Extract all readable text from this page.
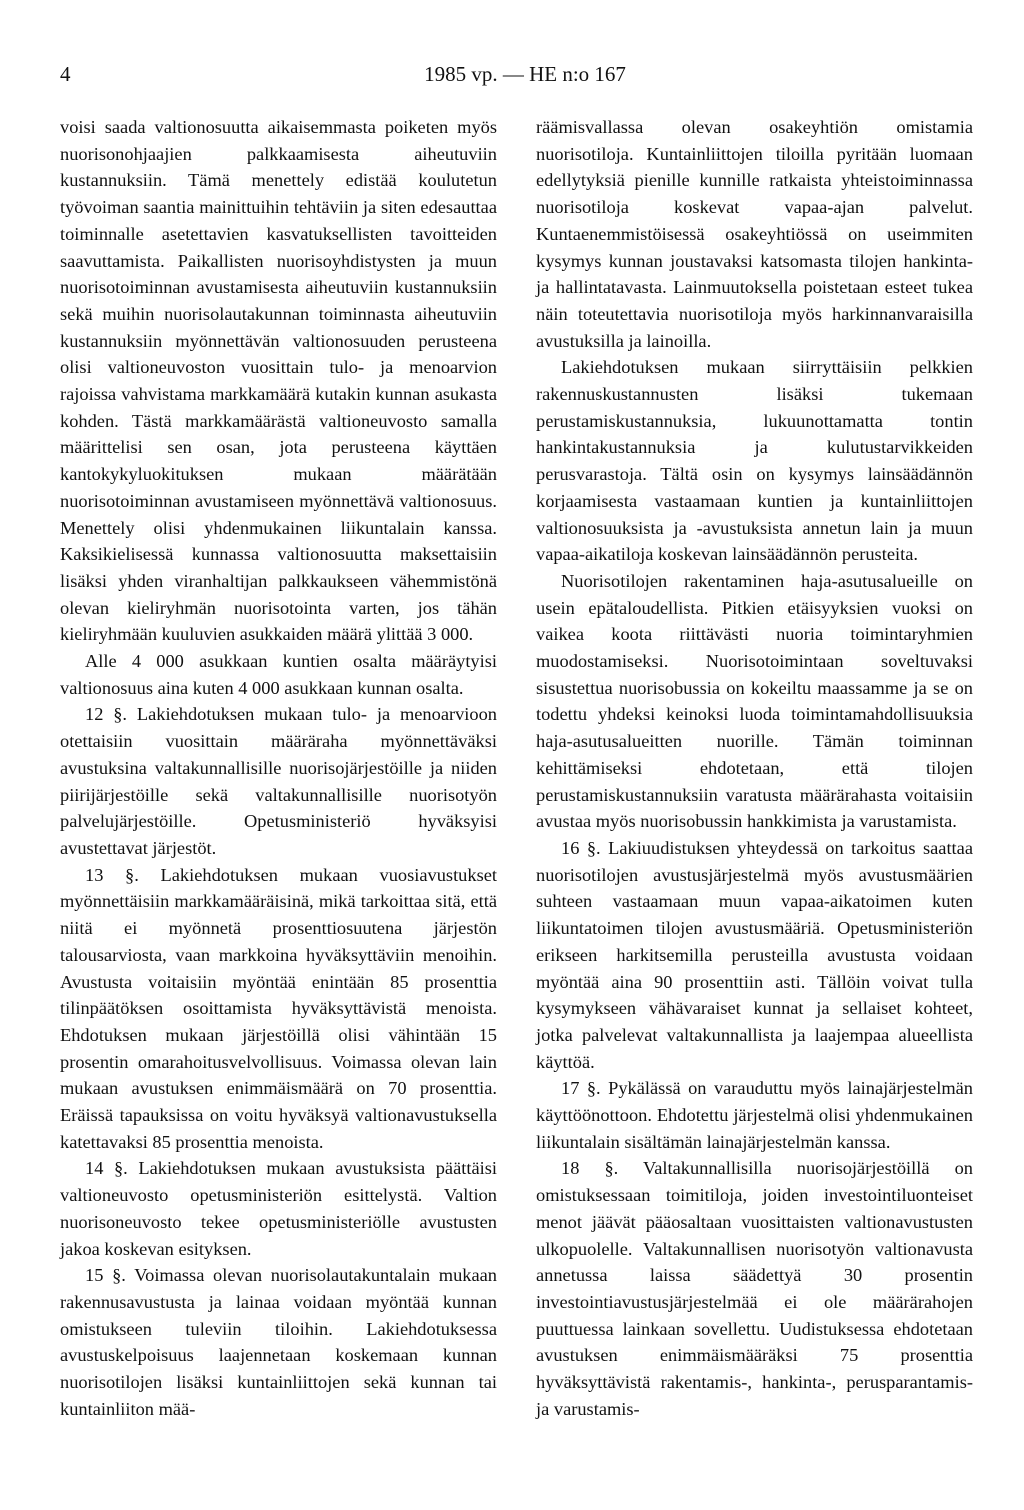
4	1985 vp. — HE n:o 167

voisi saada valtionosuutta aikaisemmasta poiketen myös nuorisonohjaajien palkkaamisesta aiheutuviin kustannuksiin. Tämä menettely edistää koulutetun työvoiman saantia mainittuihin tehtäviin ja siten edesauttaa toiminnalle asetettavien kasvatuksellisten tavoitteiden saavuttamista. Paikallisten nuorisoyhdistysten ja muun nuorisotoiminnan avustamisesta aiheutuviin kustannuksiin sekä muihin nuorisolautakunnan toiminnasta aiheutuviin kustannuksiin myönnettävän valtionosuuden perusteena olisi valtioneuvoston vuosittain tulo- ja menoarvion rajoissa vahvistama markkamäärä kutakin kunnan asukasta kohden. Tästä markkamäärästä valtioneuvosto samalla määrittelisi sen osan, jota perusteena käyttäen kantokykyluokituksen mukaan määrätään nuorisotoiminnan avustamiseen myönnettävä valtionosuus. Menettely olisi yhdenmukainen liikuntalain kanssa. Kaksikielisessä kunnassa valtionosuutta maksettaisiin lisäksi yhden viranhaltijan palkkaukseen vähemmistönä olevan kieliryhmän nuorisotointa varten, jos tähän kieliryhmään kuuluvien asukkaiden määrä ylittää 3 000.

Alle 4 000 asukkaan kuntien osalta määräytyisi valtionosuus aina kuten 4 000 asukkaan kunnan osalta.

12 §. Lakiehdotuksen mukaan tulo- ja menoarvioon otettaisiin vuosittain määräraha myönnettäväksi avustuksina valtakunnallisille nuorisojärjestöille ja niiden piirijärjestöille sekä valtakunnallisille nuorisotyön palvelujärjestöille. Opetusministeriö hyväksyisi avustettavat järjestöt.

13 §. Lakiehdotuksen mukaan vuosiavustukset myönnettäisiin markkamääräisinä, mikä tarkoittaa sitä, että niitä ei myönnetä prosenttiosuutena järjestön talousarviosta, vaan markkoina hyväksyttäviin menoihin. Avustusta voitaisiin myöntää enintään 85 prosenttia tilinpäätöksen osoittamista hyväksyttävistä menoista. Ehdotuksen mukaan järjestöillä olisi vähintään 15 prosentin omarahoitusvelvollisuus. Voimassa olevan lain mukaan avustuksen enimmäismäärä on 70 prosenttia. Eräissä tapauksissa on voitu hyväksyä valtionavustuksella katettavaksi 85 prosenttia menoista.

14 §. Lakiehdotuksen mukaan avustuksista päättäisi valtioneuvosto opetusministeriön esittelystä. Valtion nuorisoneuvosto tekee opetusministeriölle avustusten jakoa koskevan esityksen.

15 §. Voimassa olevan nuorisolautakuntalain mukaan rakennusavustusta ja lainaa voidaan myöntää kunnan omistukseen tuleviin tiloihin. Lakiehdotuksessa avustuskelpoisuus laajennetaan koskemaan kunnan nuorisotilojen lisäksi kuntainliittojen sekä kunnan tai kuntainliiton mää-

räämisvallassa olevan osakeyhtiön omistamia nuorisotiloja. Kuntainliittojen tiloilla pyritään luomaan edellytyksiä pienille kunnille ratkaista yhteistoiminnassa nuorisotiloja koskevat vapaa-ajan palvelut. Kuntaenemmistöisessä osakeyhtiössä on useimmiten kysymys kunnan joustavaksi katsomasta tilojen hankinta- ja hallintatavasta. Lainmuutoksella poistetaan esteet tukea näin toteutettavia nuorisotiloja myös harkinnanvaraisilla avustuksilla ja lainoilla.

Lakiehdotuksen mukaan siirryttäisiin pelkkien rakennuskustannusten lisäksi tukemaan perustamiskustannuksia, lukuunottamatta tontin hankintakustannuksia ja kulutustarvikkeiden perusvarastoja. Tältä osin on kysymys lainsäädännön korjaamisesta vastaamaan kuntien ja kuntainliittojen valtionosuuksista ja -avustuksista annetun lain ja muun vapaa-aikatiloja koskevan lainsäädännön perusteita.

Nuorisotilojen rakentaminen haja-asutusalueille on usein epätaloudellista. Pitkien etäisyyksien vuoksi on vaikea koota riittävästi nuoria toimintaryhmien muodostamiseksi. Nuorisotoimintaan soveltuvaksi sisustettua nuorisobussia on kokeiltu maassamme ja se on todettu yhdeksi keinoksi luoda toimintamahdollisuuksia haja-asutusalueitten nuorille. Tämän toiminnan kehittämiseksi ehdotetaan, että tilojen perustamiskustannuksiin varatusta määrärahasta voitaisiin avustaa myös nuorisobussin hankkimista ja varustamista.

16 §. Lakiuudistuksen yhteydessä on tarkoitus saattaa nuorisotilojen avustusjärjestelmä myös avustusmäärien suhteen vastaamaan muun vapaa-aikatoimen kuten liikuntatoimen tilojen avustusmääriä. Opetusministeriön erikseen harkitsemilla perusteilla avustusta voidaan myöntää aina 90 prosenttiin asti. Tällöin voivat tulla kysymykseen vähävaraiset kunnat ja sellaiset kohteet, jotka palvelevat valtakunnallista ja laajempaa alueellista käyttöä.

17 §. Pykälässä on varauduttu myös lainajärjestelmän käyttöönottoon. Ehdotettu järjestelmä olisi yhdenmukainen liikuntalain sisältämän lainajärjestelmän kanssa.

18 §. Valtakunnallisilla nuorisojärjestöillä on omistuksessaan toimitiloja, joiden investointiluonteiset menot jäävät pääosaltaan vuosittaisten valtionavustusten ulkopuolelle. Valtakunnallisen nuorisotyön valtionavusta annetussa laissa säädettyä 30 prosentin investointiavustusjärjestelmää ei ole määrärahojen puuttuessa lainkaan sovellettu. Uudistuksessa ehdotetaan avustuksen enimmäismääräksi 75 prosenttia hyväksyttävistä rakentamis-, hankinta-, perusparantamis- ja varustamis-
